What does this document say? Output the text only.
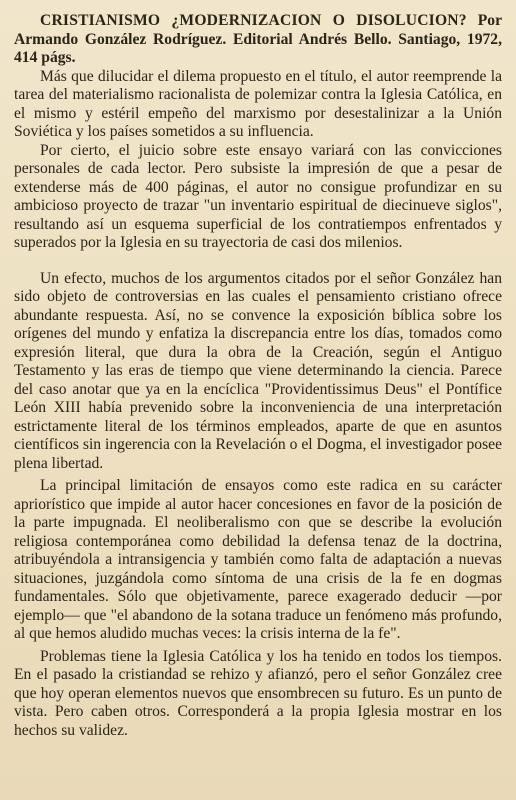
CRISTIANISMO ¿MODERNIZACION O DISOLUCION? Por Armando González Rodríguez. Editorial Andrés Bello. Santiago, 1972, 414 págs.

Más que dilucidar el dilema propuesto en el título, el autor reemprende la tarea del materialismo racionalista de polemizar contra la Iglesia Católica, en el mismo y estéril empeño del marxismo por desestalinizar a la Unión Soviética y los países sometidos a su influencia.

Por cierto, el juicio sobre este ensayo variará con las convicciones personales de cada lector. Pero subsiste la impresión de que a pesar de extenderse más de 400 páginas, el autor no consigue profundizar en su ambicioso proyecto de trazar "un inventario espiritual de diecinueve siglos", resultando así un esquema superficial de los contratiempos enfrentados y superados por la Iglesia en su trayectoria de casi dos milenios.

Un efecto, muchos de los argumentos citados por el señor González han sido objeto de controversias en las cuales el pensamiento cristiano ofrece abundante respuesta. Así, no se convence la exposición bíblica sobre los orígenes del mundo y enfatiza la discrepancia entre los días, tomados como expresión literal, que dura la obra de la Creación, según el Antiguo Testamento y las eras de tiempo que viene determinando la ciencia. Parece del caso anotar que ya en la encíclica "Providentissimus Deus" el Pontífice León XIII había prevenido sobre la inconveniencia de una interpretación estrictamente literal de los términos empleados, aparte de que en asuntos científicos sin ingerencia con la Revelación o el Dogma, el investigador posee plena libertad.

La principal limitación de ensayos como este radica en su carácter apriorístico que impide al autor hacer concesiones en favor de la posición de la parte impugnada. El neoliberalismo con que se describe la evolución religiosa contemporánea como debilidad la defensa tenaz de la doctrina, atribuyéndola a intransigencia y también como falta de adaptación a nuevas situaciones, juzgándola como síntoma de una crisis de la fe en dogmas fundamentales. Sólo que objetivamente, parece exagerado deducir —por ejemplo— que "el abandono de la sotana traduce un fenómeno más profundo, al que hemos aludido muchas veces: la crisis interna de la fe".

Problemas tiene la Iglesia Católica y los ha tenido en todos los tiempos. En el pasado la cristiandad se rehizo y afianzó, pero el señor González cree que hoy operan elementos nuevos que ensombrecen su futuro. Es un punto de vista. Pero caben otros. Corresponderá a la propia Iglesia mostrar en los hechos su validez.
